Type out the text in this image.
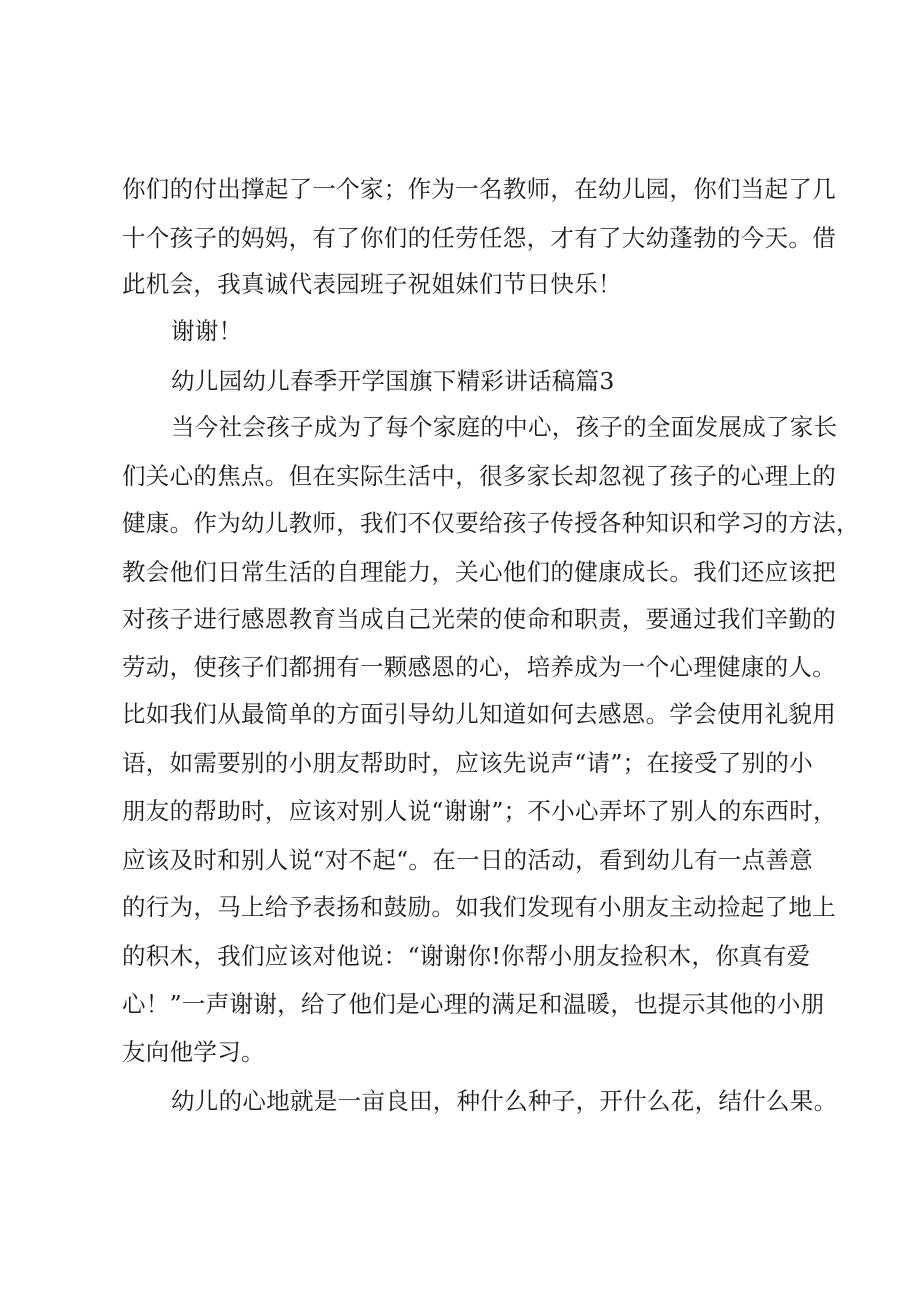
你们的付出撑起了一个家；作为一名教师，在幼儿园，你们当起了几

十个孩子的妈妈，有了你们的任劳任怨，才有了大幼蓬勃的今天。借

此机会，我真诚代表园班子祝姐妹们节日快乐！

谢谢！

幼儿园幼儿春季开学国旗下精彩讲话稿篇3

当今社会孩子成为了每个家庭的中心，孩子的全面发展成了家长

们关心的焦点。但在实际生活中，很多家长却忽视了孩子的心理上的

健康。作为幼儿教师，我们不仅要给孩子传授各种知识和学习的方法，

教会他们日常生活的自理能力，关心他们的健康成长。我们还应该把

对孩子进行感恩教育当成自己光荣的使命和职责，要通过我们辛勤的

劳动，使孩子们都拥有一颗感恩的心，培养成为一个心理健康的人。

比如我们从最简单的方面引导幼儿知道如何去感恩。学会使用礼貌用

语，如需要别的小朋友帮助时，应该先说声“请”；在接受了别的小

朋友的帮助时，应该对别人说“谢谢”；不小心弄坏了别人的东西时，

应该及时和别人说“对不起“。在一日的活动，看到幼儿有一点善意

的行为，马上给予表扬和鼓励。如我们发现有小朋友主动捡起了地上

的积木，我们应该对他说：“谢谢你!你帮小朋友捡积木，你真有爱

心！”一声谢谢，给了他们是心理的满足和温暖，也提示其他的小朋

友向他学习。

幼儿的心地就是一亩良田，种什么种子，开什么花，结什么果。
